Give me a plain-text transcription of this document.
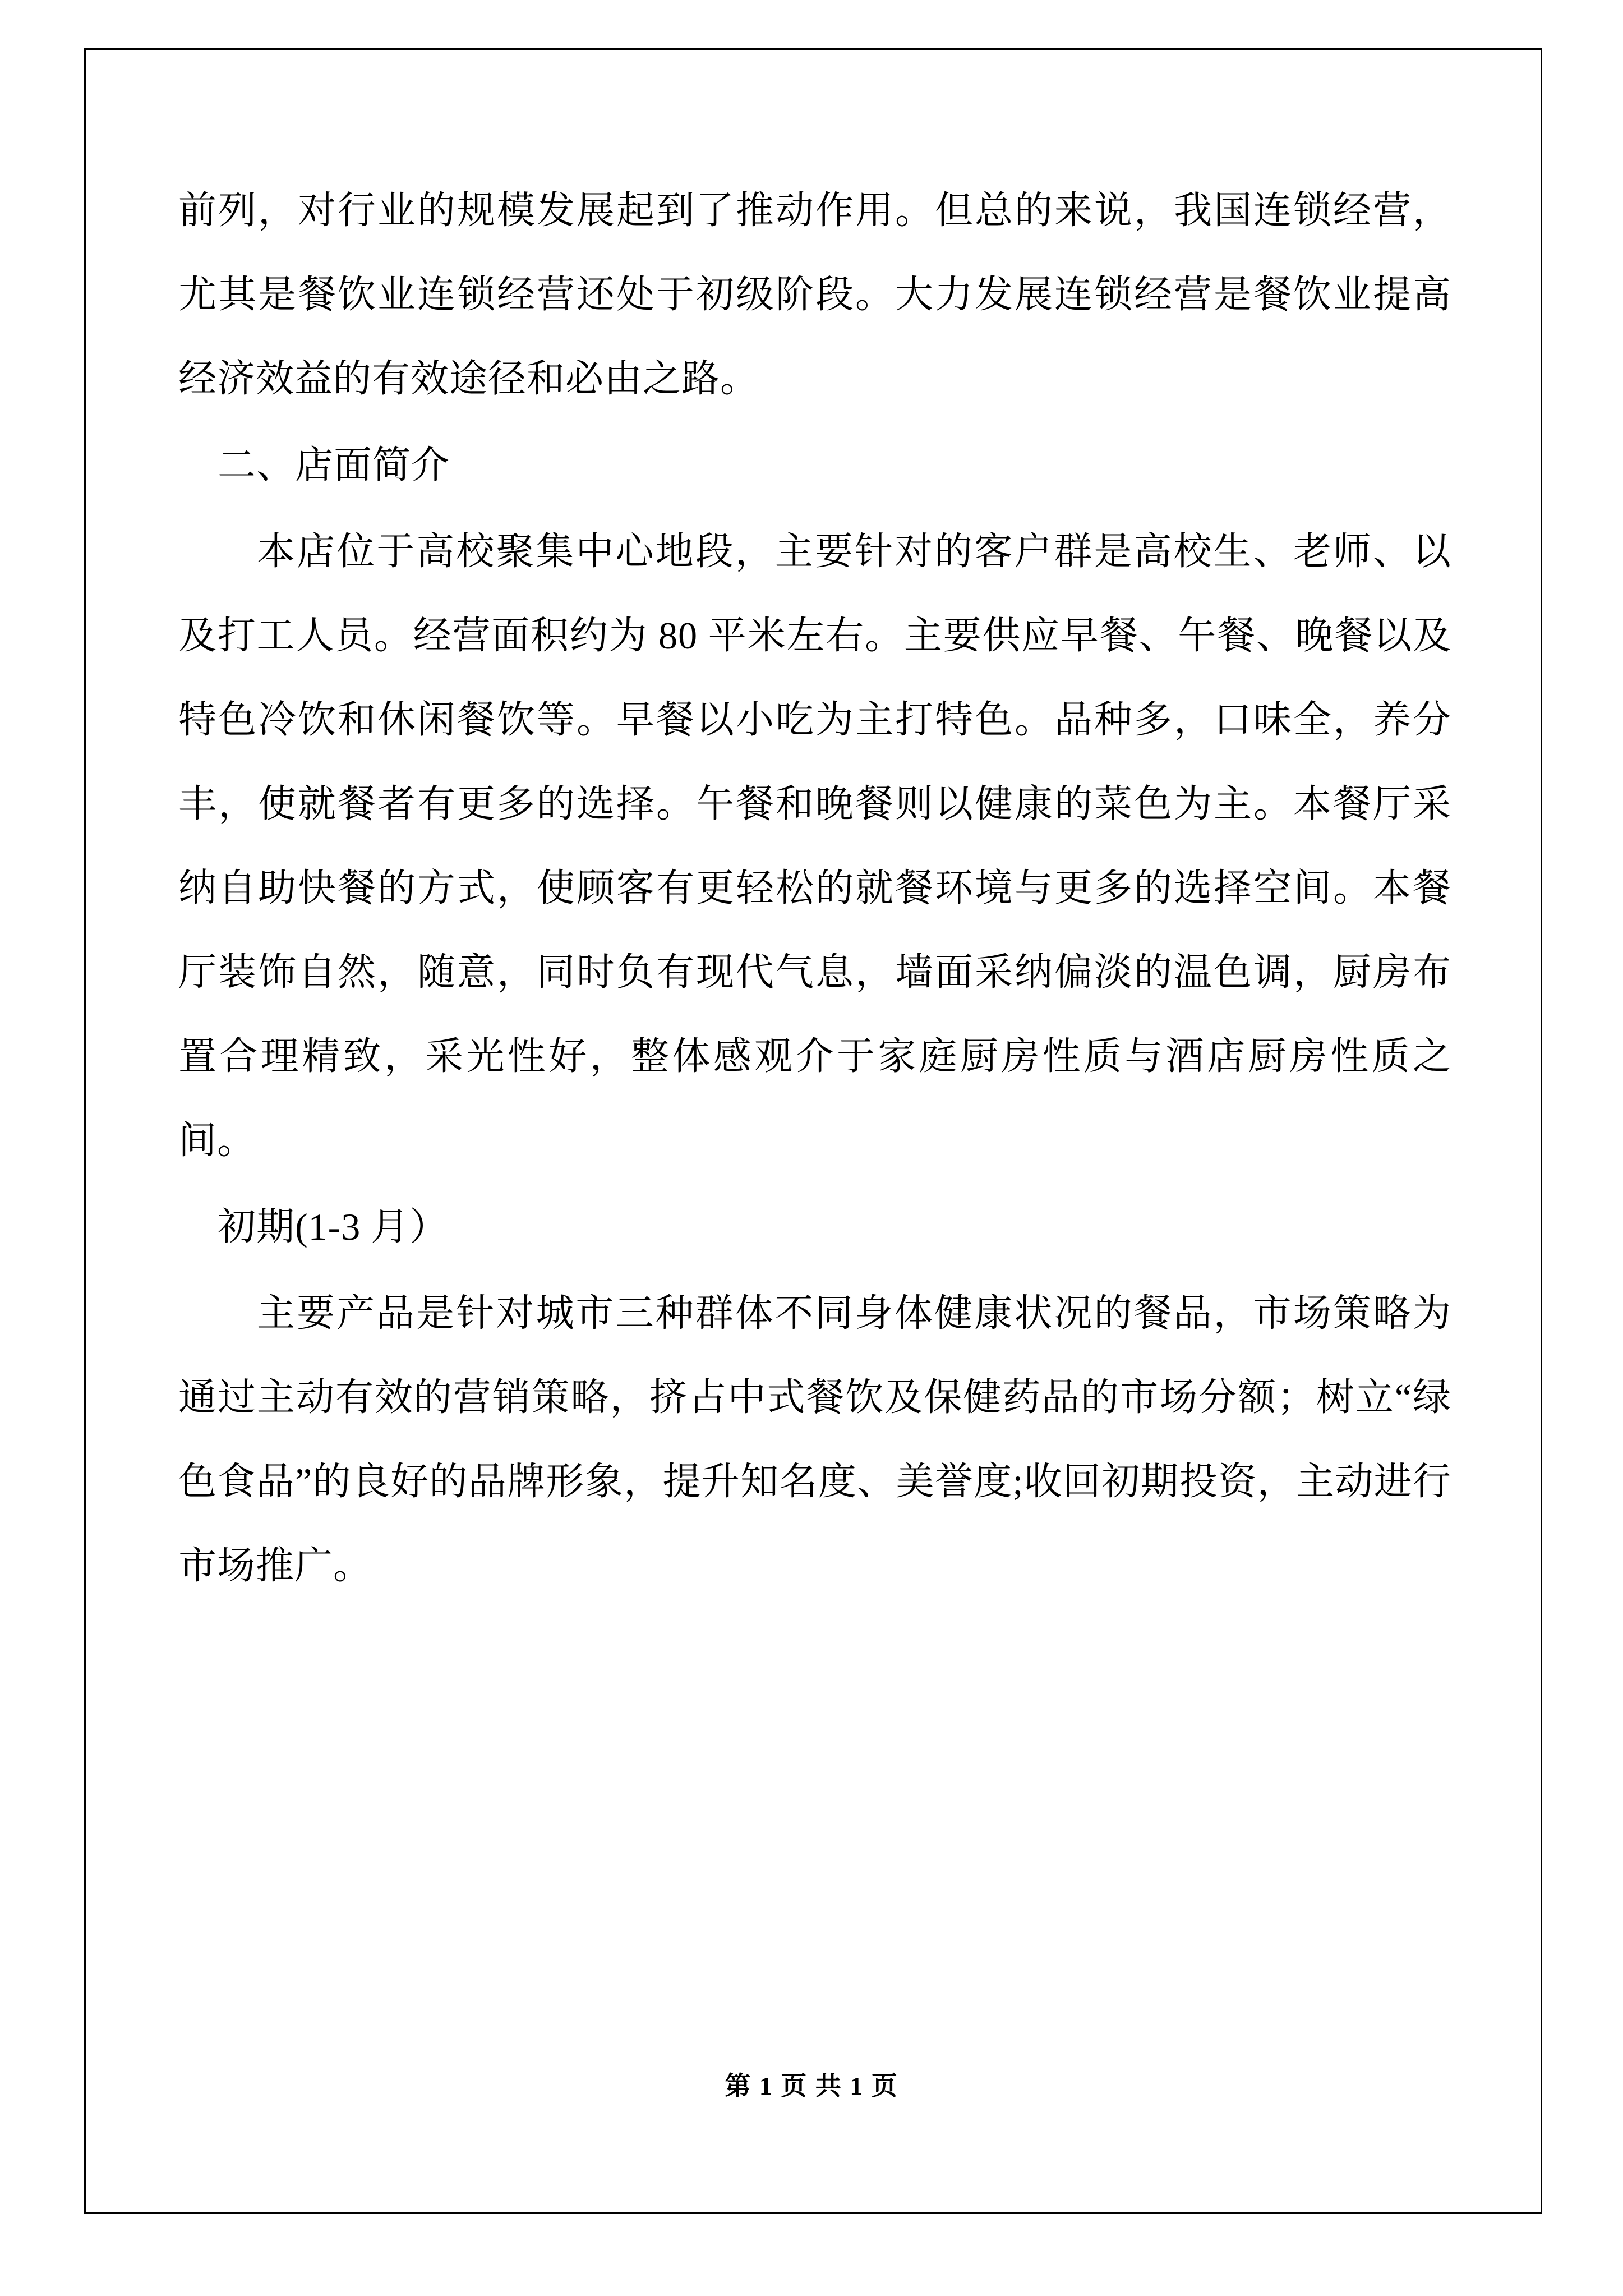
前列，对行业的规模发展起到了推动作用。但总的来说，我国连锁经营，尤其是餐饮业连锁经营还处于初级阶段。大力发展连锁经营是餐饮业提高经济效益的有效途径和必由之路。

二、店面简介

本店位于高校聚集中心地段，主要针对的客户群是高校生、老师、以及打工人员。经营面积约为 80 平米左右。主要供应早餐、午餐、晚餐以及特色冷饮和休闲餐饮等。早餐以小吃为主打特色。品种多，口味全，养分丰，使就餐者有更多的选择。午餐和晚餐则以健康的菜色为主。本餐厅采纳自助快餐的方式，使顾客有更轻松的就餐环境与更多的选择空间。本餐厅装饰自然，随意，同时负有现代气息，墙面采纳偏淡的温色调，厨房布置合理精致，采光性好，整体感观介于家庭厨房性质与酒店厨房性质之间。

初期(1-3 月）

主要产品是针对城市三种群体不同身体健康状况的餐品，市场策略为通过主动有效的营销策略，挤占中式餐饮及保健药品的市场分额；树立“绿色食品”的良好的品牌形象，提升知名度、美誉度;收回初期投资，主动进行市场推广。

第 1 页 共 1 页
